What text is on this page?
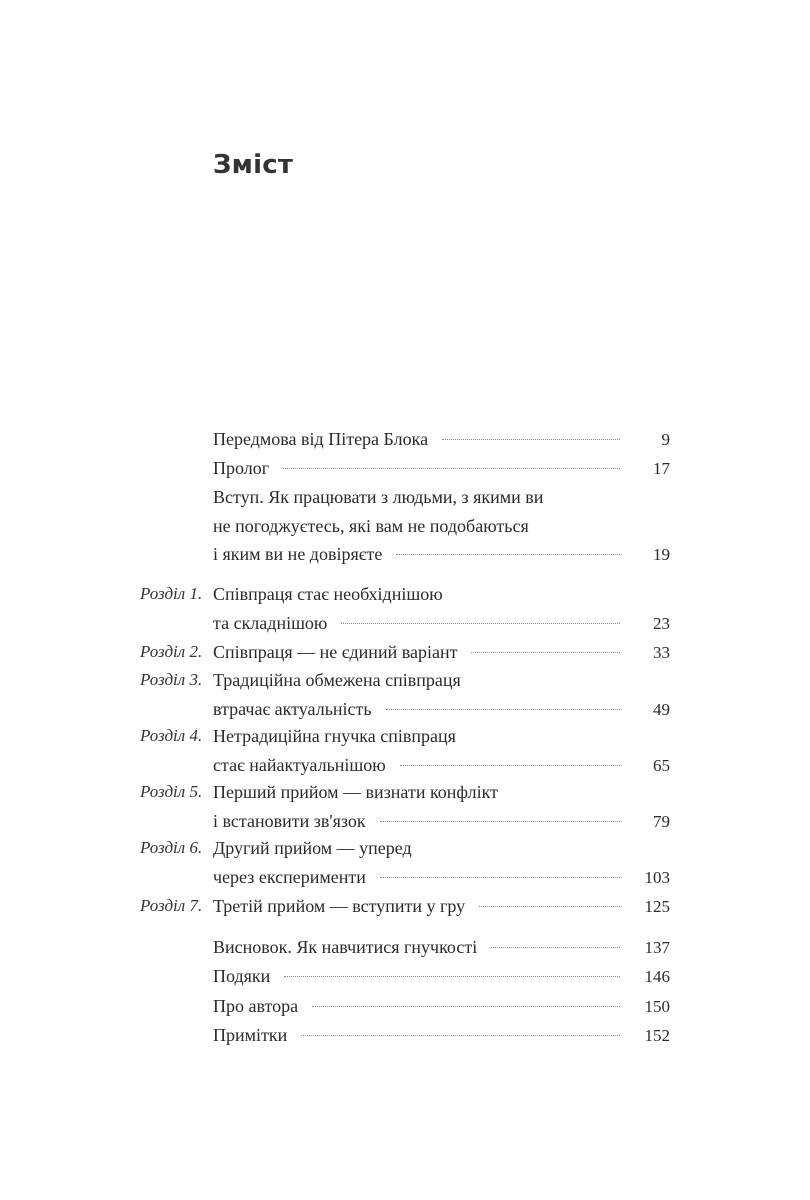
Зміст
Передмова від Пітера Блока	9
Пролог	17
Вступ. Як працювати з людьми, з якими ви
не погоджуєтесь, які вам не подобаються
і яким ви не довіряєте	19
Розділ 1. Співпраця стає необхіднішою
та складнішою	23
Розділ 2. Співпраця — не єдиний варіант	33
Розділ 3. Традиційна обмежена співпраця
втрачає актуальність	49
Розділ 4. Нетрадиційна гнучка співпраця
стає найактуальнішою	65
Розділ 5. Перший прийом — визнати конфлікт
і встановити зв'язок	79
Розділ 6. Другий прийом — уперед
через експерименти	103
Розділ 7. Третій прийом — вступити у гру	125
Висновок. Як навчитися гнучкості	137
Подяки	146
Про автора	150
Примітки	152
